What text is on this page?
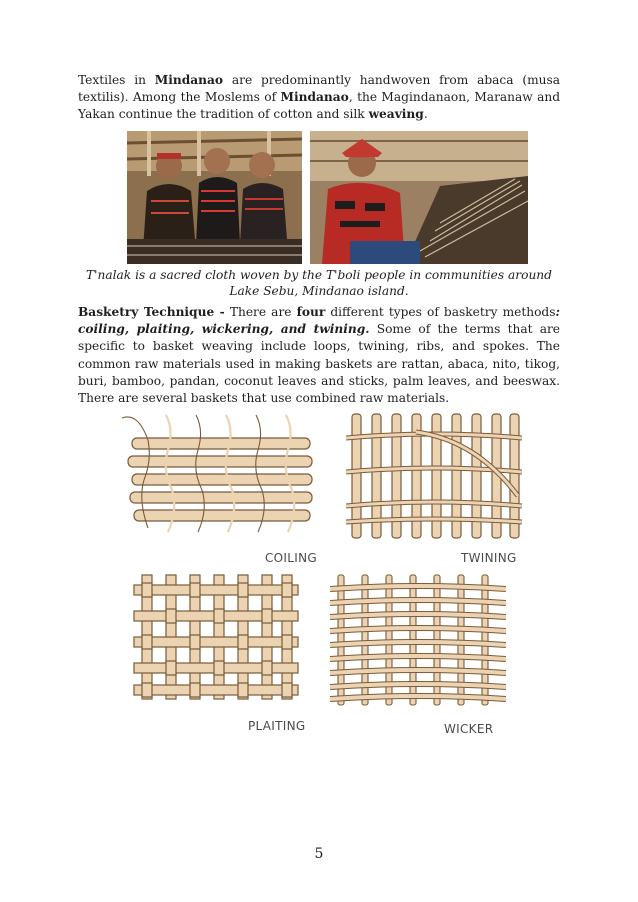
Textiles in Mindanao are predominantly handwoven from abaca (musa textilis). Among the Moslems of Mindanao, the Magindanaon, Maranaw and Yakan continue the tradition of cotton and silk weaving.

T'nalak is a sacred cloth woven by the T'boli people in communities around Lake Sebu, Mindanao island.

Basketry Technique - There are four different types of basketry methods: coiling, plaiting, wickering, and twining. Some of the terms that are specific to basket weaving include loops, twining, ribs, and spokes. The common raw materials used in making baskets are rattan, abaca, nito, tikog, buri, bamboo, pandan, coconut leaves and sticks, palm leaves, and beeswax. There are several baskets that use combined raw materials.

COILING	TWINING
PLAITING	WICKER
5
